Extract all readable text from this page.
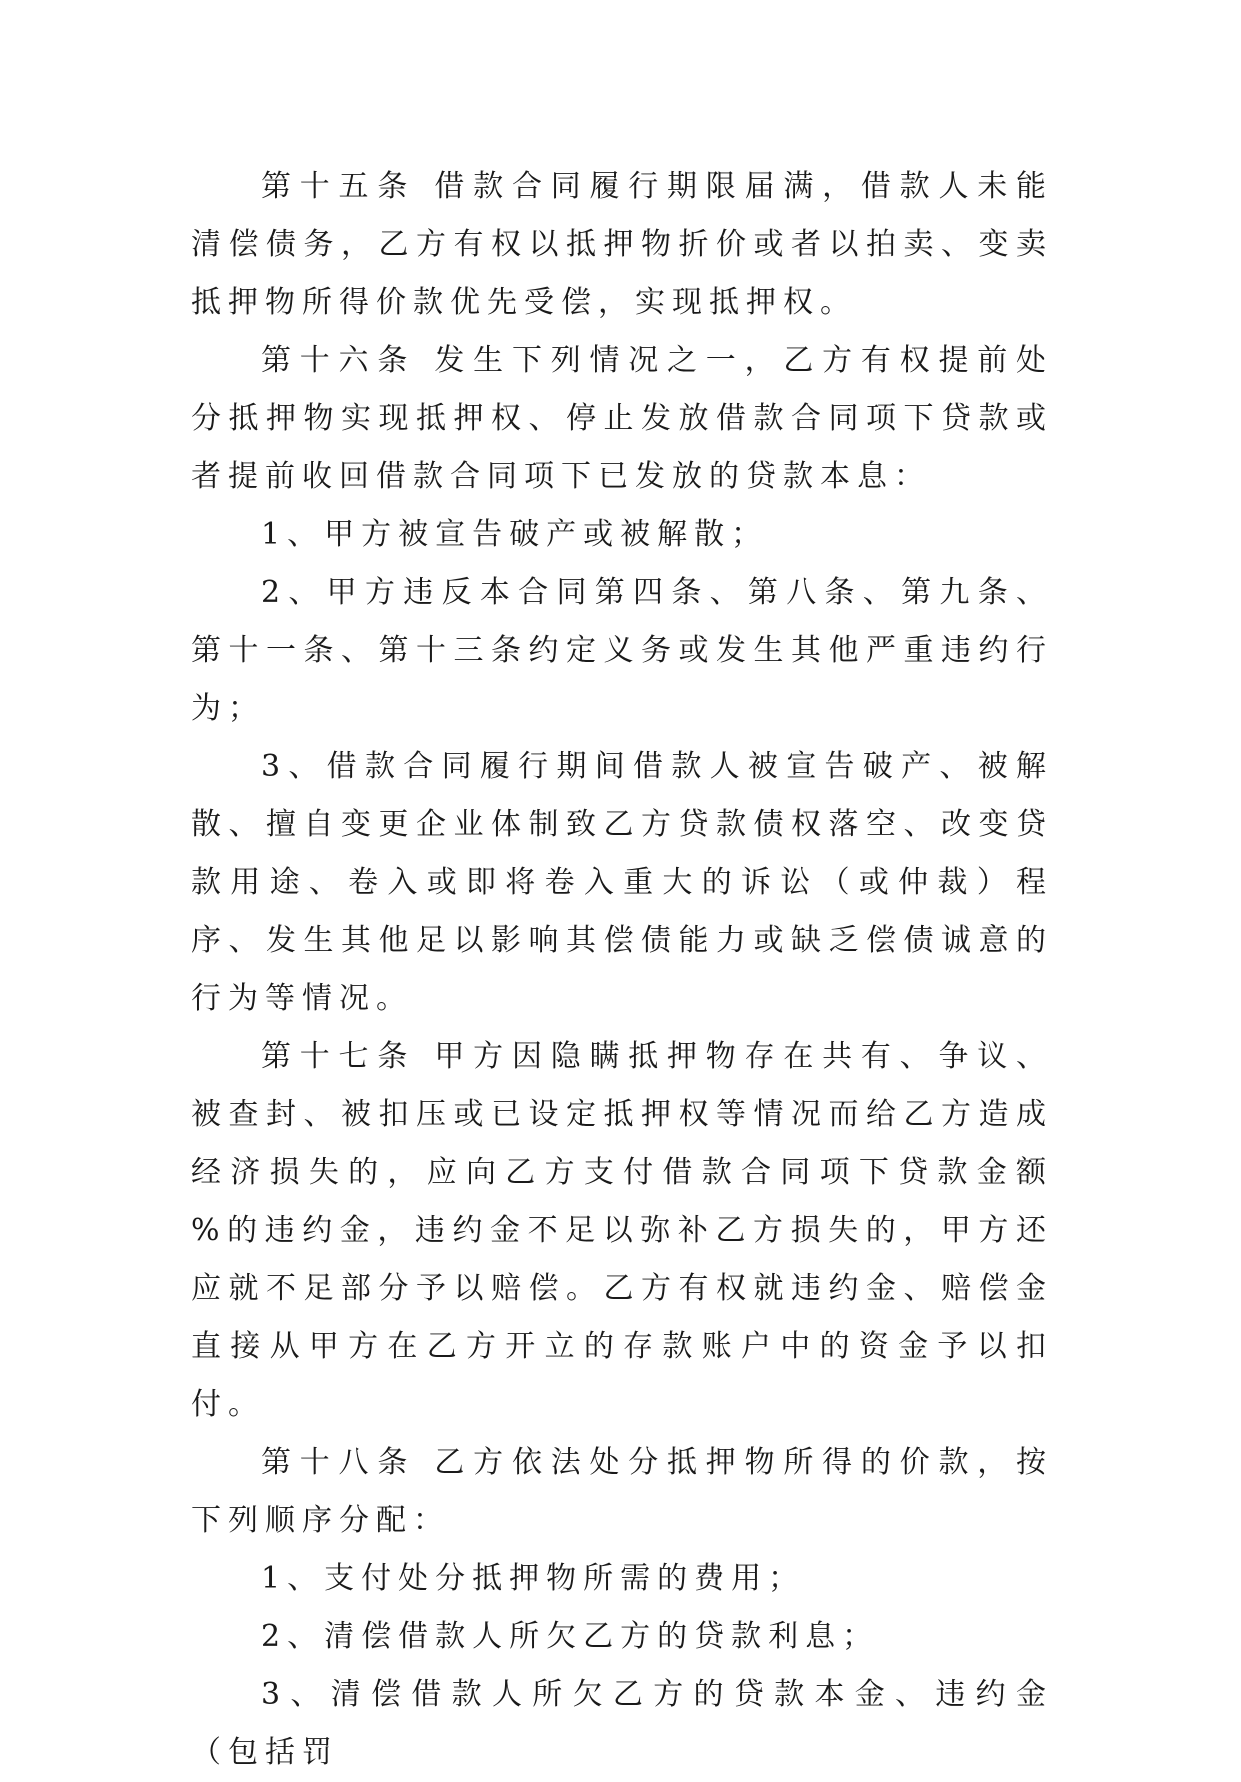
第十五条 借款合同履行期限届满，借款人未能清偿债务，乙方有权以抵押物折价或者以拍卖、变卖抵押物所得价款优先受偿，实现抵押权。

第十六条 发生下列情况之一，乙方有权提前处分抵押物实现抵押权、停止发放借款合同项下贷款或者提前收回借款合同项下已发放的贷款本息：

1、甲方被宣告破产或被解散；

2、甲方违反本合同第四条、第八条、第九条、第十一条、第十三条约定义务或发生其他严重违约行为；

3、借款合同履行期间借款人被宣告破产、被解散、擅自变更企业体制致乙方贷款债权落空、改变贷款用途、卷入或即将卷入重大的诉讼（或仲裁）程序、发生其他足以影响其偿债能力或缺乏偿债诚意的行为等情况。

第十七条 甲方因隐瞒抵押物存在共有、争议、被查封、被扣压或已设定抵押权等情况而给乙方造成经济损失的，应向乙方支付借款合同项下贷款金额 %的违约金，违约金不足以弥补乙方损失的，甲方还应就不足部分予以赔偿。乙方有权就违约金、赔偿金直接从甲方在乙方开立的存款账户中的资金予以扣付。

第十八条 乙方依法处分抵押物所得的价款，按下列顺序分配：

1、支付处分抵押物所需的费用；

2、清偿借款人所欠乙方的贷款利息；

3、清偿借款人所欠乙方的贷款本金、违约金（包括罚
